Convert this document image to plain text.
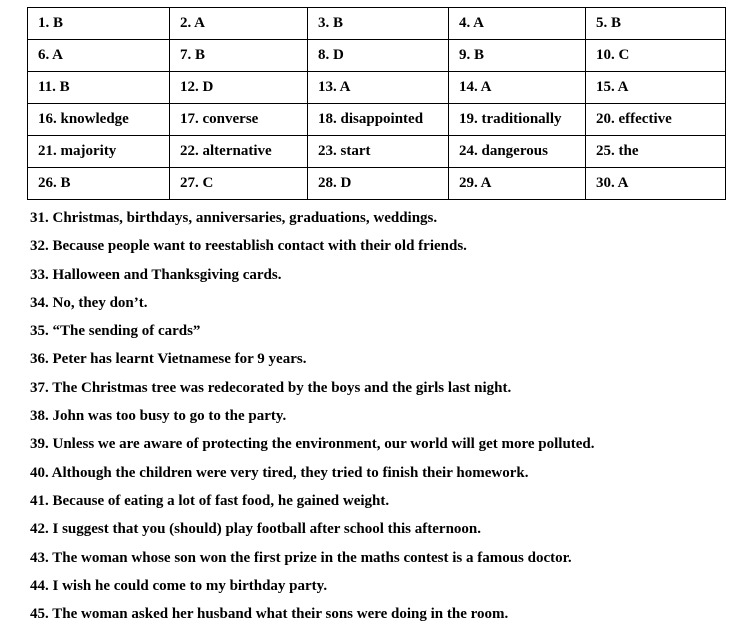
1. B	2. A	3. B	4. A	5. B
6. A	7. B	8. D	9. B	10. C
11. B	12. D	13. A	14. A	15. A
16. knowledge	17. converse	18. disappointed	19. traditionally	20. effective
21. majority	22. alternative	23. start	24. dangerous	25. the
26. B	27. C	28. D	29. A	30. A

31. Christmas, birthdays, anniversaries, graduations, weddings.

32. Because people want to reestablish contact with their old friends.

33. Halloween and Thanksgiving cards.

34. No, they don’t.

35. “The sending of cards”

36. Peter has learnt Vietnamese for 9 years.

37. The Christmas tree was redecorated by the boys and the girls last night.

38. John was too busy to go to the party.

39. Unless we are aware of protecting the environment, our world will get more polluted.

40. Although the children were very tired, they tried to finish their homework.

41. Because of eating a lot of fast food, he gained weight.

42. I suggest that you (should) play football after school this afternoon.

43. The woman whose son won the first prize in the maths contest is a famous doctor.

44. I wish he could come to my birthday party.

45. The woman asked her husband what their sons were doing in the room.
